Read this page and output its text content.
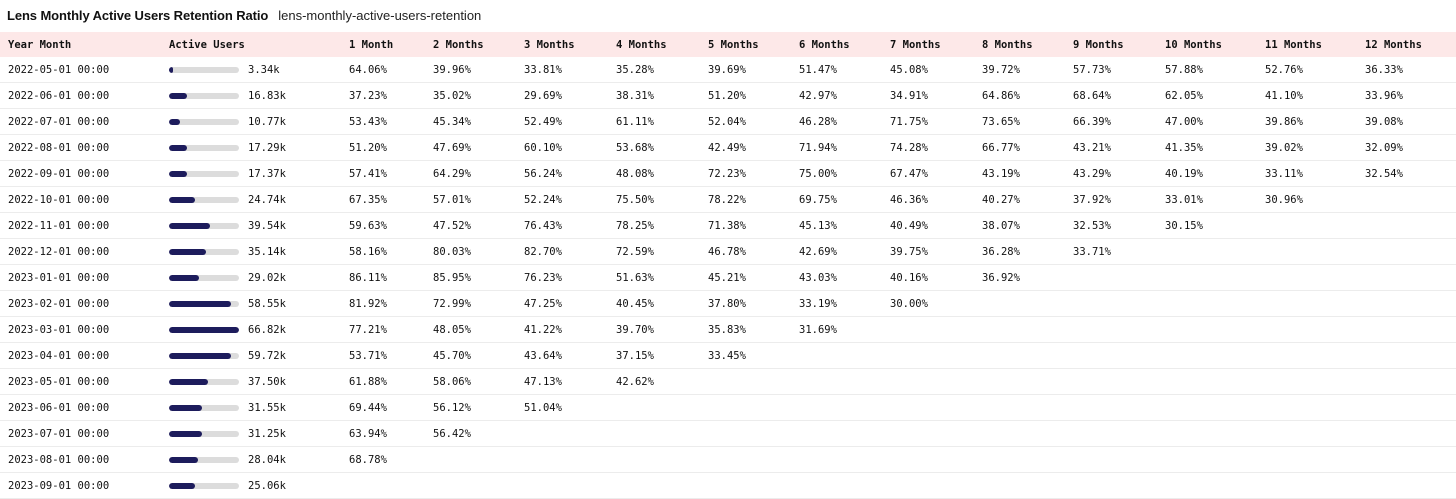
Lens Monthly Active Users Retention Ratio lens-monthly-active-users-retention
Year Month	Active Users	1 Month	2 Months	3 Months	4 Months	5 Months	6 Months	7 Months	8 Months	9 Months	10 Months	11 Months	12 Months
2022-05-01 00:00	3.34k	64.06%	39.96%	33.81%	35.28%	39.69%	51.47%	45.08%	39.72%	57.73%	57.88%	52.76%	36.33%
2022-06-01 00:00	16.83k	37.23%	35.02%	29.69%	38.31%	51.20%	42.97%	34.91%	64.86%	68.64%	62.05%	41.10%	33.96%
2022-07-01 00:00	10.77k	53.43%	45.34%	52.49%	61.11%	52.04%	46.28%	71.75%	73.65%	66.39%	47.00%	39.86%	39.08%
2022-08-01 00:00	17.29k	51.20%	47.69%	60.10%	53.68%	42.49%	71.94%	74.28%	66.77%	43.21%	41.35%	39.02%	32.09%
2022-09-01 00:00	17.37k	57.41%	64.29%	56.24%	48.08%	72.23%	75.00%	67.47%	43.19%	43.29%	40.19%	33.11%	32.54%
2022-10-01 00:00	24.74k	67.35%	57.01%	52.24%	75.50%	78.22%	69.75%	46.36%	40.27%	37.92%	33.01%	30.96%	
2022-11-01 00:00	39.54k	59.63%	47.52%	76.43%	78.25%	71.38%	45.13%	40.49%	38.07%	32.53%	30.15%		
2022-12-01 00:00	35.14k	58.16%	80.03%	82.70%	72.59%	46.78%	42.69%	39.75%	36.28%	33.71%			
2023-01-01 00:00	29.02k	86.11%	85.95%	76.23%	51.63%	45.21%	43.03%	40.16%	36.92%				
2023-02-01 00:00	58.55k	81.92%	72.99%	47.25%	40.45%	37.80%	33.19%	30.00%					
2023-03-01 00:00	66.82k	77.21%	48.05%	41.22%	39.70%	35.83%	31.69%						
2023-04-01 00:00	59.72k	53.71%	45.70%	43.64%	37.15%	33.45%							
2023-05-01 00:00	37.50k	61.88%	58.06%	47.13%	42.62%								
2023-06-01 00:00	31.55k	69.44%	56.12%	51.04%									
2023-07-01 00:00	31.25k	63.94%	56.42%										
2023-08-01 00:00	28.04k	68.78%											
2023-09-01 00:00	25.06k												
